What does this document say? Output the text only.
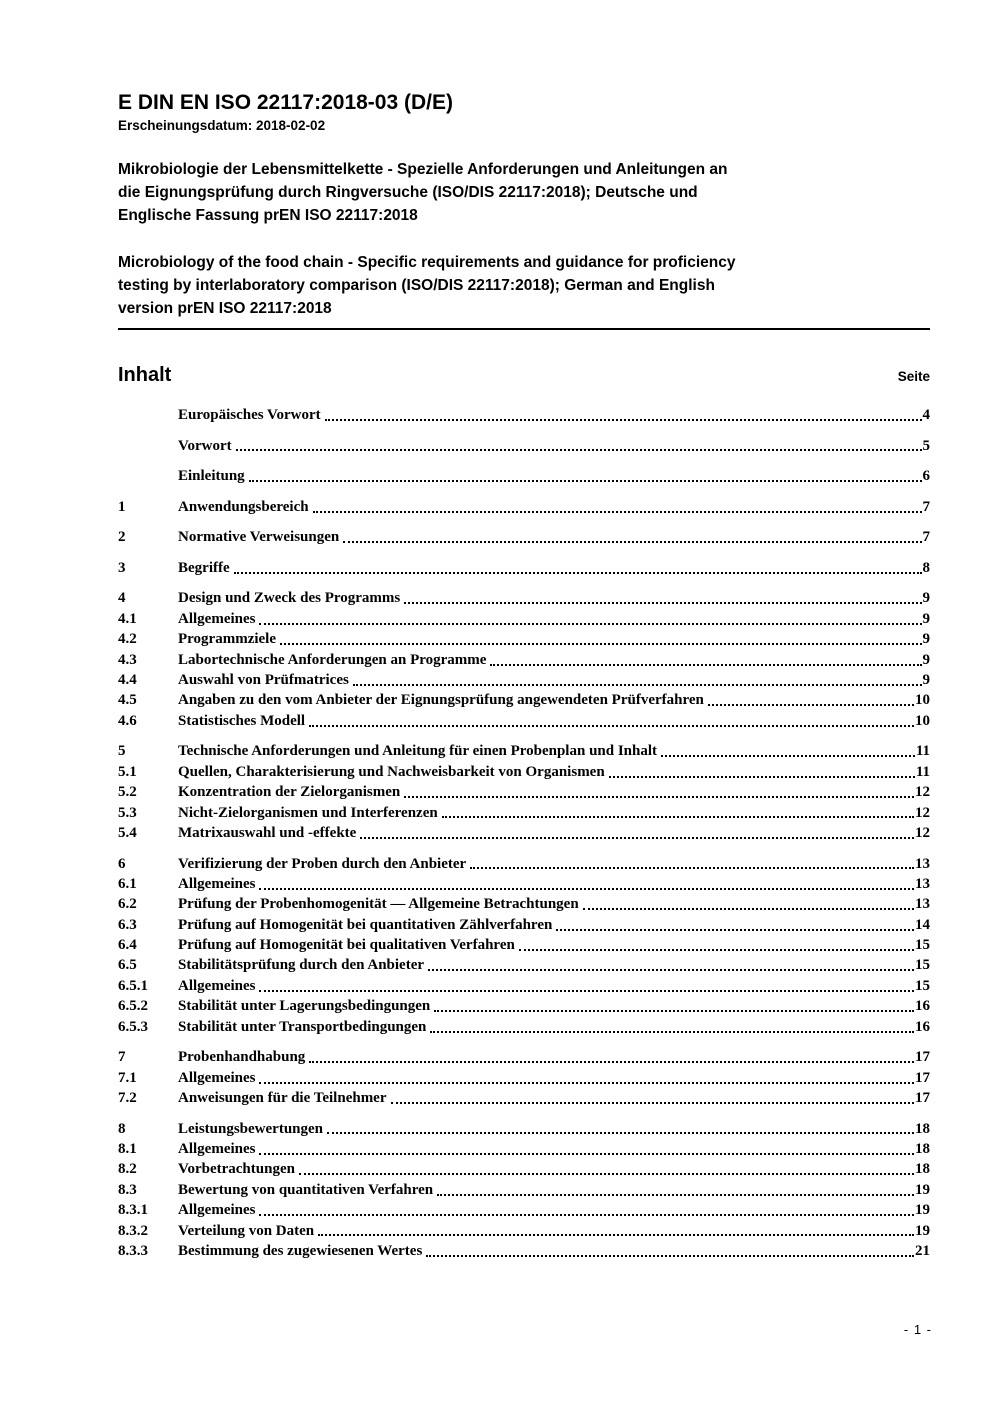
E DIN EN ISO 22117:2018-03 (D/E)
Erscheinungsdatum: 2018-02-02
Mikrobiologie der Lebensmittelkette - Spezielle Anforderungen und Anleitungen an
die Eignungsprüfung durch Ringversuche (ISO/DIS 22117:2018); Deutsche und
Englische Fassung prEN ISO 22117:2018
Microbiology of the food chain - Specific requirements and guidance for proficiency
testing by interlaboratory comparison (ISO/DIS 22117:2018); German and English
version prEN ISO 22117:2018
Inhalt	Seite
Europäisches Vorwort	4
Vorwort	5
Einleitung	6
1	Anwendungsbereich	7
2	Normative Verweisungen	7
3	Begriffe	8
4	Design und Zweck des Programms	9
4.1	Allgemeines	9
4.2	Programmziele	9
4.3	Labortechnische Anforderungen an Programme	9
4.4	Auswahl von Prüfmatrices	9
4.5	Angaben zu den vom Anbieter der Eignungsprüfung angewendeten Prüfverfahren	10
4.6	Statistisches Modell	10
5	Technische Anforderungen und Anleitung für einen Probenplan und Inhalt	11
5.1	Quellen, Charakterisierung und Nachweisbarkeit von Organismen	11
5.2	Konzentration der Zielorganismen	12
5.3	Nicht-Zielorganismen und Interferenzen	12
5.4	Matrixauswahl und -effekte	12
6	Verifizierung der Proben durch den Anbieter	13
6.1	Allgemeines	13
6.2	Prüfung der Probenhomogenität — Allgemeine Betrachtungen	13
6.3	Prüfung auf Homogenität bei quantitativen Zählverfahren	14
6.4	Prüfung auf Homogenität bei qualitativen Verfahren	15
6.5	Stabilitätsprüfung durch den Anbieter	15
6.5.1	Allgemeines	15
6.5.2	Stabilität unter Lagerungsbedingungen	16
6.5.3	Stabilität unter Transportbedingungen	16
7	Probenhandhabung	17
7.1	Allgemeines	17
7.2	Anweisungen für die Teilnehmer	17
8	Leistungsbewertungen	18
8.1	Allgemeines	18
8.2	Vorbetrachtungen	18
8.3	Bewertung von quantitativen Verfahren	19
8.3.1	Allgemeines	19
8.3.2	Verteilung von Daten	19
8.3.3	Bestimmung des zugewiesenen Wertes	21
- 1 -
